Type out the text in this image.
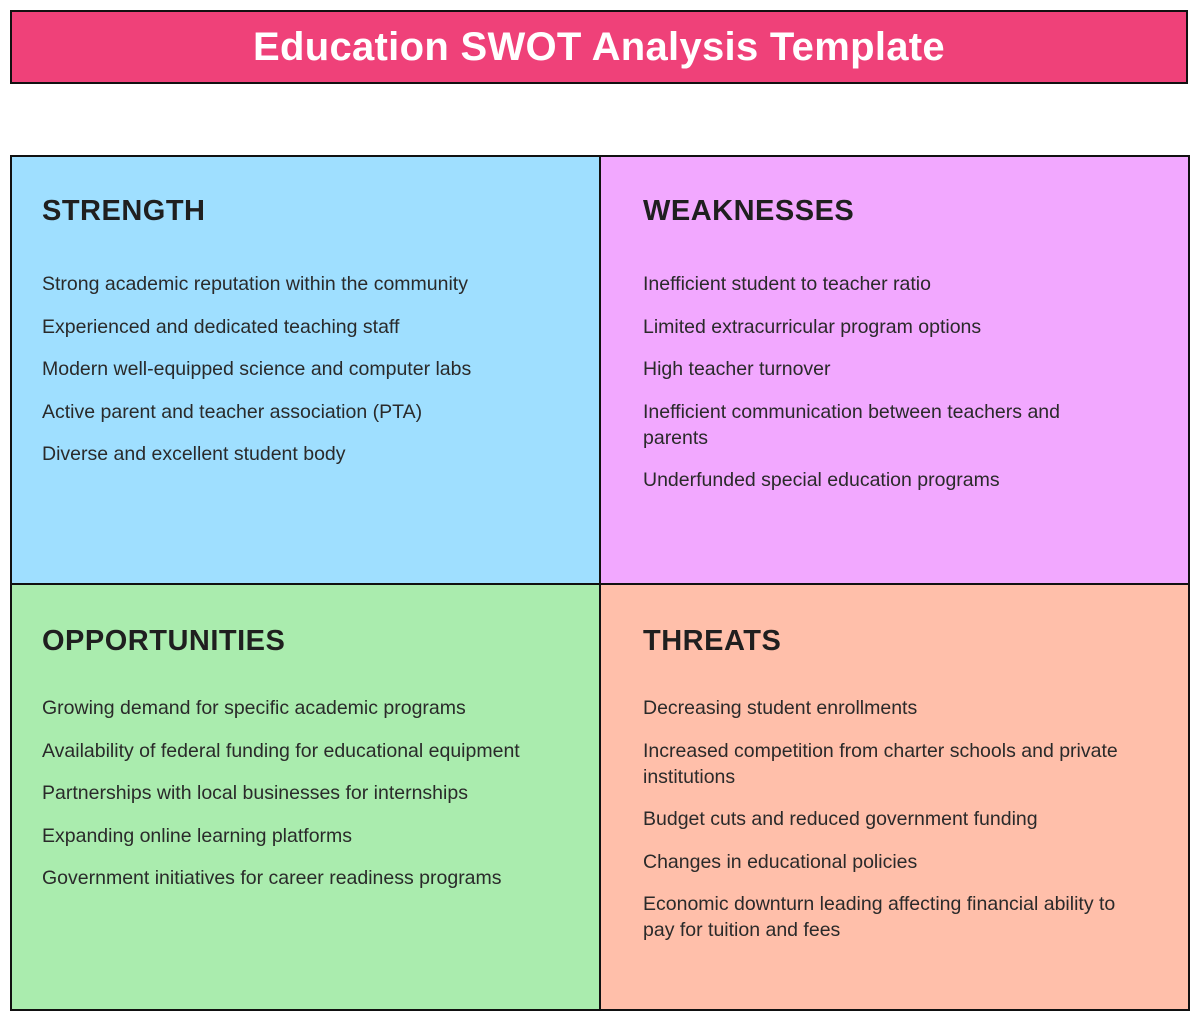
Education SWOT Analysis Template
STRENGTH
Strong academic reputation within the community
Experienced and dedicated teaching staff
Modern well-equipped science and computer labs
Active parent and teacher association (PTA)
Diverse and excellent student body
WEAKNESSES
Inefficient student to teacher ratio
Limited extracurricular program options
High teacher turnover
Inefficient communication between teachers and parents
Underfunded special education programs
OPPORTUNITIES
Growing demand for specific academic programs
Availability of federal funding for educational equipment
Partnerships with local businesses for internships
Expanding online learning platforms
Government initiatives for career readiness programs
THREATS
Decreasing student enrollments
Increased competition from charter schools and private institutions
Budget cuts and reduced government funding
Changes in educational policies
Economic downturn leading affecting financial ability to pay for tuition and fees
